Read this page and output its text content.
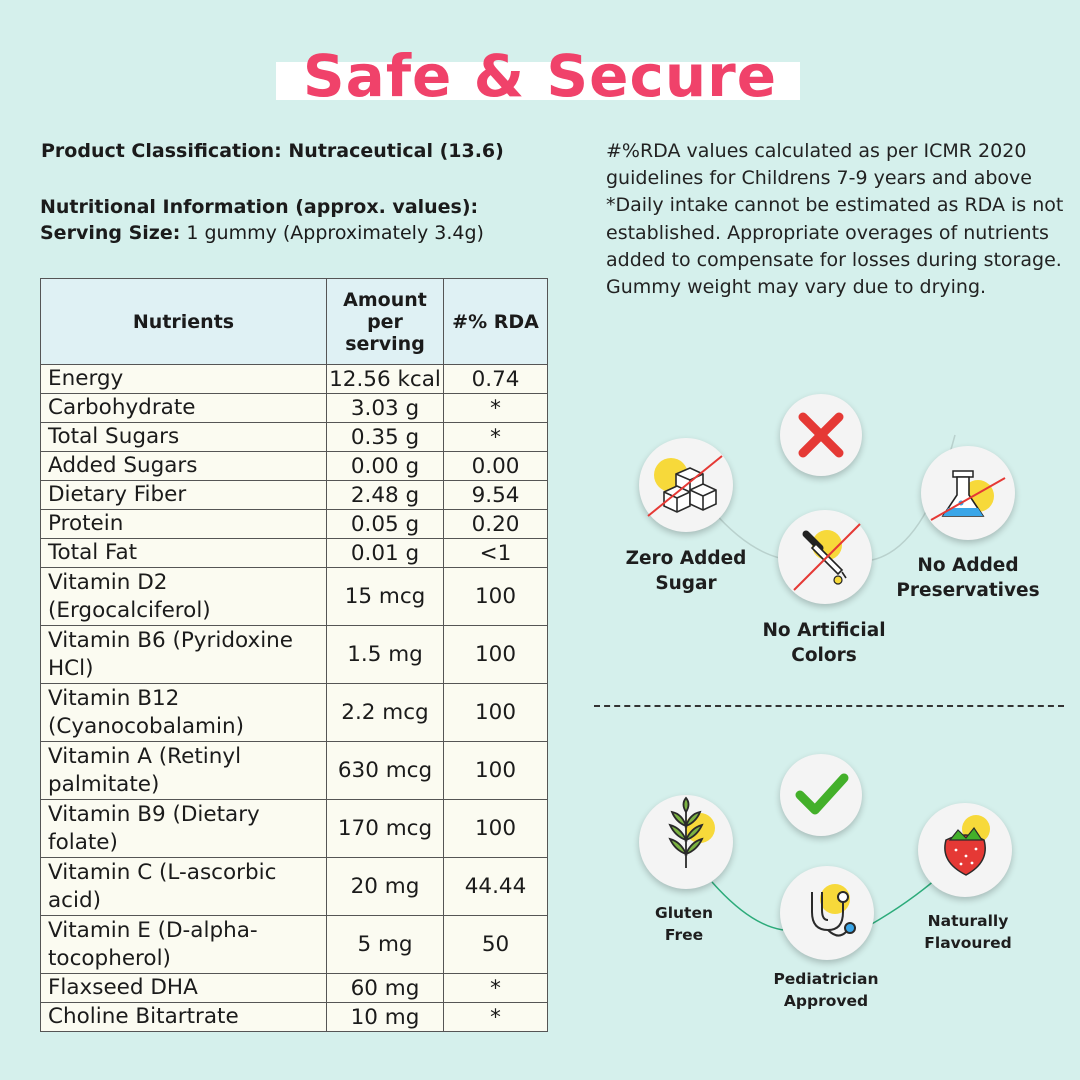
Safe & Secure
Product Classification: Nutraceutical (13.6)
Nutritional Information (approx. values):
Serving Size: 1 gummy (Approximately 3.4g)
#%RDA values calculated as per ICMR 2020 guidelines for Childrens 7-9 years and above *Daily intake cannot be estimated as RDA is not established. Appropriate overages of nutrients added to compensate for losses during storage. Gummy weight may vary due to drying.
Nutrients	Amount per serving	#% RDA
Energy	12.56 kcal	0.74
Carbohydrate	3.03 g	*
Total Sugars	0.35 g	*
Added Sugars	0.00 g	0.00
Dietary Fiber	2.48 g	9.54
Protein	0.05 g	0.20
Total Fat	0.01 g	<1
Vitamin D2 (Ergocalciferol)	15 mcg	100
Vitamin B6 (Pyridoxine HCl)	1.5 mg	100
Vitamin B12 (Cyanocobalamin)	2.2 mcg	100
Vitamin A (Retinyl palmitate)	630 mcg	100
Vitamin B9 (Dietary folate)	170 mcg	100
Vitamin C (L-ascorbic acid)	20 mg	44.44
Vitamin E (D-alpha-tocopherol)	5 mg	50
Flaxseed DHA	60 mg	*
Choline Bitartrate	10 mg	*
Zero Added
Sugar
No Artificial
Colors
No Added
Preservatives
Gluten
Free
Pediatrician
Approved
Naturally
Flavoured
